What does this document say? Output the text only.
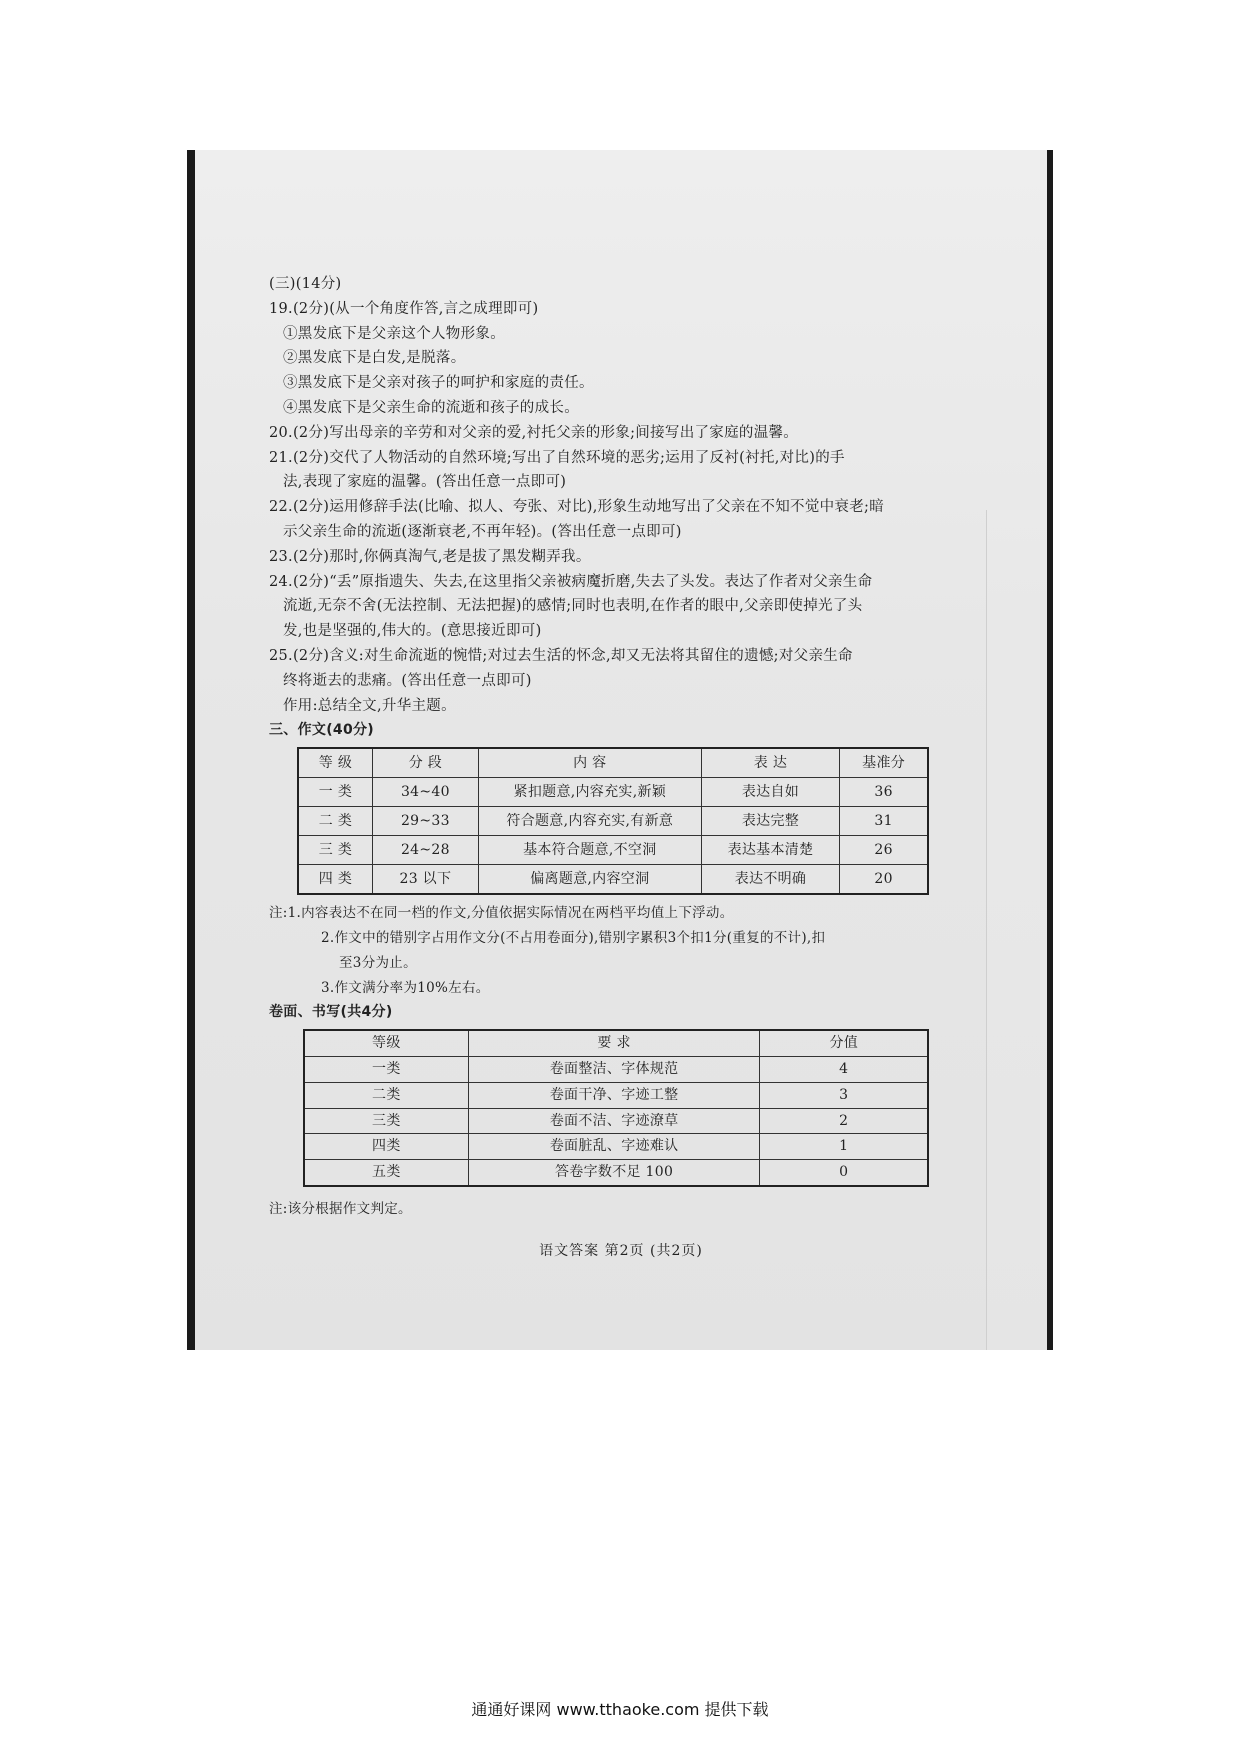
(三)(14分)
19.(2分)(从一个角度作答,言之成理即可)
①黑发底下是父亲这个人物形象。
②黑发底下是白发,是脱落。
③黑发底下是父亲对孩子的呵护和家庭的责任。
④黑发底下是父亲生命的流逝和孩子的成长。
20.(2分)写出母亲的辛劳和对父亲的爱,衬托父亲的形象;间接写出了家庭的温馨。
21.(2分)交代了人物活动的自然环境;写出了自然环境的恶劣;运用了反衬(衬托,对比)的手
法,表现了家庭的温馨。(答出任意一点即可)
22.(2分)运用修辞手法(比喻、拟人、夸张、对比),形象生动地写出了父亲在不知不觉中衰老;暗
示父亲生命的流逝(逐渐衰老,不再年轻)。(答出任意一点即可)
23.(2分)那时,你俩真淘气,老是拔了黑发糊弄我。
24.(2分)“丢”原指遗失、失去,在这里指父亲被病魔折磨,失去了头发。表达了作者对父亲生命
流逝,无奈不舍(无法控制、无法把握)的感情;同时也表明,在作者的眼中,父亲即使掉光了头
发,也是坚强的,伟大的。(意思接近即可)
25.(2分)含义:对生命流逝的惋惜;对过去生活的怀念,却又无法将其留住的遗憾;对父亲生命
终将逝去的悲痛。(答出任意一点即可)
作用:总结全文,升华主题。
三、作文(40分)
等 级	分 段	内 容	表 达	基准分
一 类	34~40	紧扣题意,内容充实,新颖	表达自如	36
二 类	29~33	符合题意,内容充实,有新意	表达完整	31
三 类	24~28	基本符合题意,不空洞	表达基本清楚	26
四 类	23 以下	偏离题意,内容空洞	表达不明确	20
注:1.内容表达不在同一档的作文,分值依据实际情况在两档平均值上下浮动。
2.作文中的错别字占用作文分(不占用卷面分),错别字累积3个扣1分(重复的不计),扣
至3分为止。
3.作文满分率为10%左右。
卷面、书写(共4分)
等级	要 求	分值
一类	卷面整洁、字体规范	4
二类	卷面干净、字迹工整	3
三类	卷面不洁、字迹潦草	2
四类	卷面脏乱、字迹难认	1
五类	答卷字数不足 100	0
注:该分根据作文判定。
语文答案 第2页 (共2页)
通通好课网 www.tthaoke.com 提供下载
